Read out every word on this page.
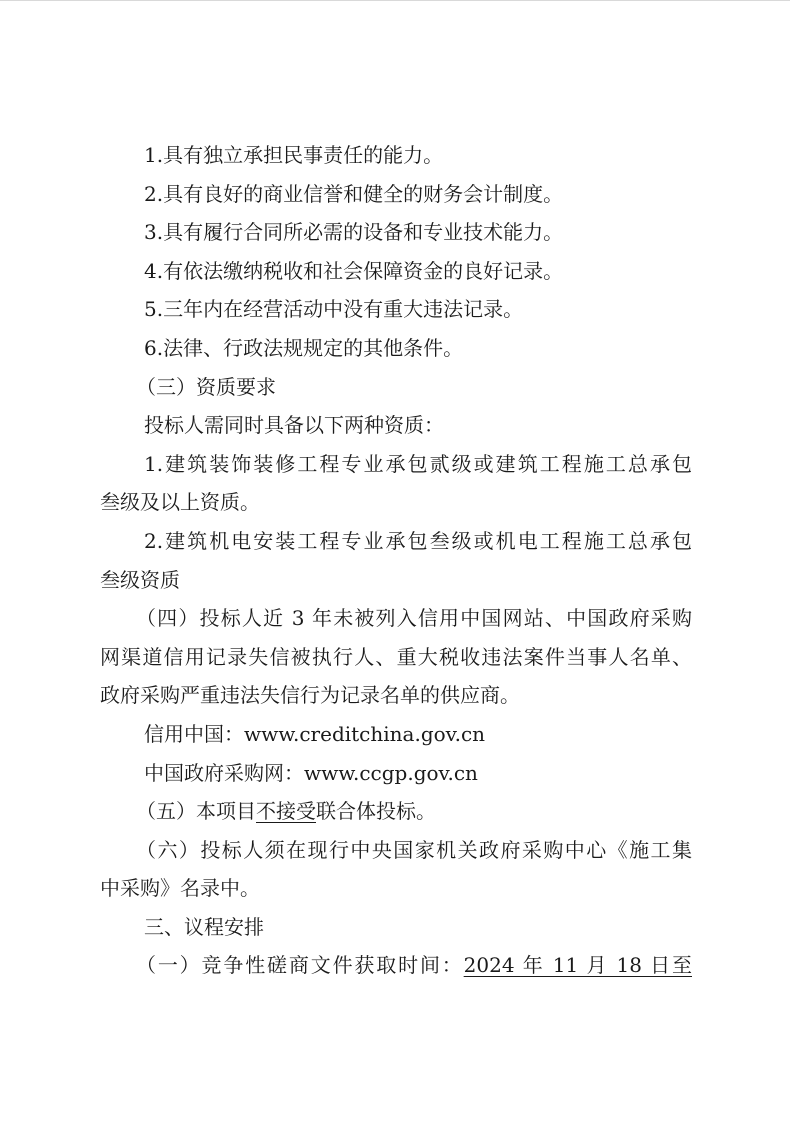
1.具有独立承担民事责任的能力。

2.具有良好的商业信誉和健全的财务会计制度。

3.具有履行合同所必需的设备和专业技术能力。

4.有依法缴纳税收和社会保障资金的良好记录。

5.三年内在经营活动中没有重大违法记录。

6.法律、行政法规规定的其他条件。

（三）资质要求

投标人需同时具备以下两种资质：

1.建筑装饰装修工程专业承包贰级或建筑工程施工总承包
叁级及以上资质。

2.建筑机电安装工程专业承包叁级或机电工程施工总承包
叁级资质

（四）投标人近 3 年未被列入信用中国网站、中国政府采购
网渠道信用记录失信被执行人、重大税收违法案件当事人名单、
政府采购严重违法失信行为记录名单的供应商。

信用中国：www.creditchina.gov.cn

中国政府采购网：www.ccgp.gov.cn

（五）本项目不接受联合体投标。

（六）投标人须在现行中央国家机关政府采购中心《施工集
中采购》名录中。

三、议程安排

（一）竞争性磋商文件获取时间：2024 年 11 月 18 日至
